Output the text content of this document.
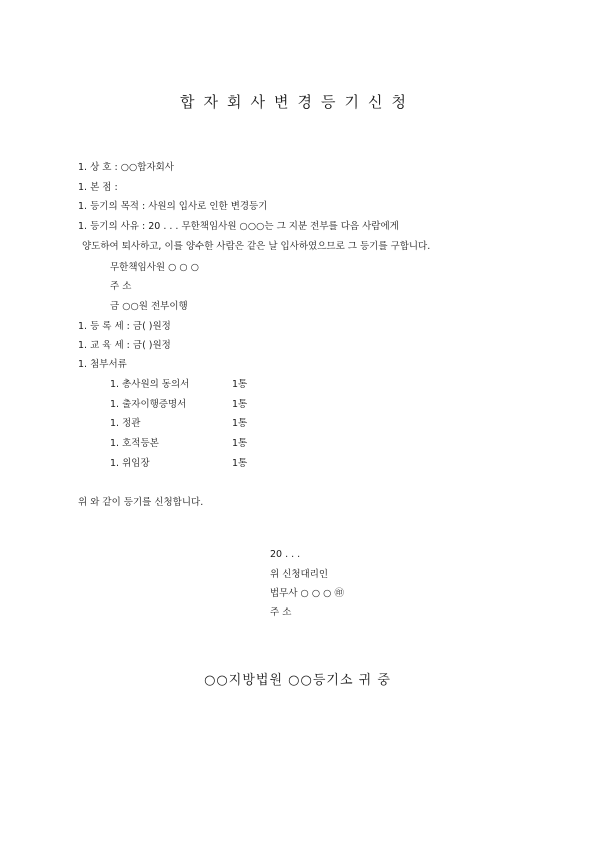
합자회사변경등기신청
1. 상 호 : ○○합자회사
1. 본 점 :
1. 등기의 목적 : 사원의 입사로 인한 변경등기
1. 등기의 사유 : 20 . . . 무한책임사원 ○○○는 그 지분 전부를 다음 사람에게
양도하여 퇴사하고, 이를 양수한 사람은 같은 날 입사하였으므로 그 등기를 구합니다.
무한책임사원 ○ ○ ○
주 소
금 ○○원 전부이행
1. 등 록 세 : 금( )원정
1. 교 육 세 : 금( )원정
1. 첨부서류
1. 총사원의 동의서	1통
1. 출자이행증명서	1통
1. 정관	1통
1. 호적등본	1통
1. 위임장	1통
위 와 같이 등기를 신청합니다.
20 . . .
위 신청대리인
법무사 ○ ○ ○ ㊞
주 소
○○지방법원 ○○등기소 귀 중
